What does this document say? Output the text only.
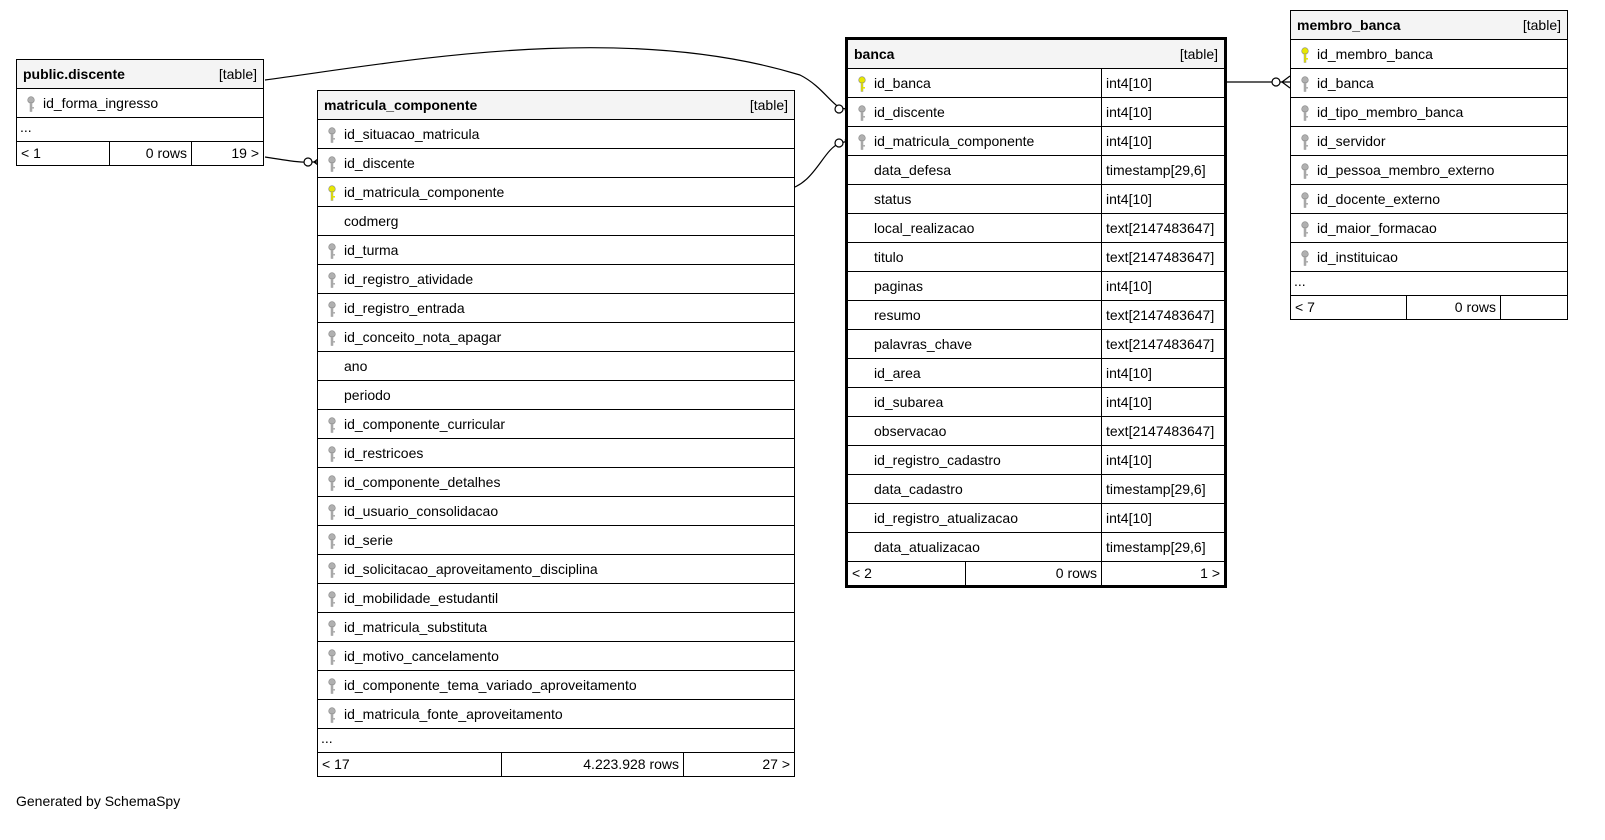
public.discente	[table]
id_forma_ingresso
...
< 1	0 rows	19 >
matricula_componente	[table]
id_situacao_matricula
id_discente
id_matricula_componente
codmerg
id_turma
id_registro_atividade
id_registro_entrada
id_conceito_nota_apagar
ano
periodo
id_componente_curricular
id_restricoes
id_componente_detalhes
id_usuario_consolidacao
id_serie
id_solicitacao_aproveitamento_disciplina
id_mobilidade_estudantil
id_matricula_substituta
id_motivo_cancelamento
id_componente_tema_variado_aproveitamento
id_matricula_fonte_aproveitamento
...
< 17	4.223.928 rows	27 >
banca	[table]
id_banca	int4[10]
id_discente	int4[10]
id_matricula_componente	int4[10]
data_defesa	timestamp[29,6]
status	int4[10]
local_realizacao	text[2147483647]
titulo	text[2147483647]
paginas	int4[10]
resumo	text[2147483647]
palavras_chave	text[2147483647]
id_area	int4[10]
id_subarea	int4[10]
observacao	text[2147483647]
id_registro_cadastro	int4[10]
data_cadastro	timestamp[29,6]
id_registro_atualizacao	int4[10]
data_atualizacao	timestamp[29,6]
< 2	0 rows	1 >
membro_banca	[table]
id_membro_banca
id_banca
id_tipo_membro_banca
id_servidor
id_pessoa_membro_externo
id_docente_externo
id_maior_formacao
id_instituicao
...
< 7	0 rows
Generated by SchemaSpy
